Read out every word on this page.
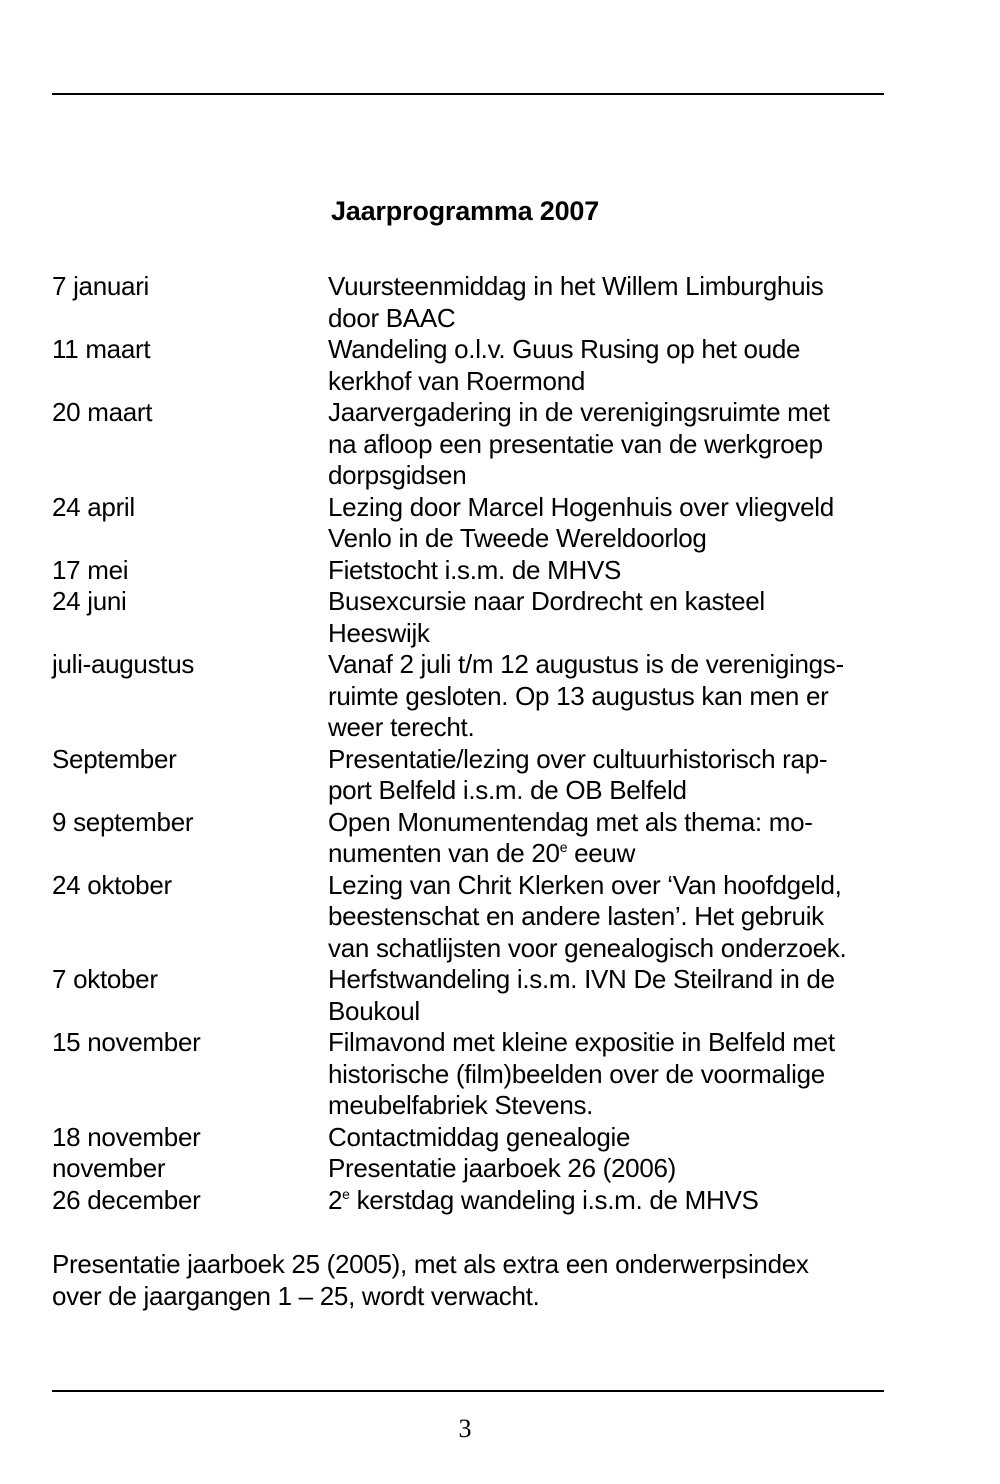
Jaarprogramma 2007
7 januari	Vuursteenmiddag in het Willem Limburghuis
door BAAC
11 maart	Wandeling o.l.v. Guus Rusing op het oude
kerkhof van Roermond
20 maart	Jaarvergadering in de verenigingsruimte met
na afloop een presentatie van de werkgroep
dorpsgidsen
24 april	Lezing door Marcel Hogenhuis over vliegveld
Venlo in de Tweede Wereldoorlog
17 mei	Fietstocht i.s.m. de MHVS
24 juni	Busexcursie naar Dordrecht en kasteel
Heeswijk
juli-augustus	Vanaf 2 juli t/m 12 augustus is de verenigings-
ruimte gesloten. Op 13 augustus kan men er
weer terecht.
September	Presentatie/lezing over cultuurhistorisch rap-
port Belfeld i.s.m. de OB Belfeld
9 september	Open Monumentendag met als thema: mo-
numenten van de 20e eeuw
24 oktober	Lezing van Chrit Klerken over ‘Van hoofdgeld,
beestenschat en andere lasten’. Het gebruik
van schatlijsten voor genealogisch onderzoek.
7 oktober	Herfstwandeling i.s.m. IVN De Steilrand in de
Boukoul
15 november	Filmavond met kleine expositie in Belfeld met
historische (film)beelden over de voormalige
meubelfabriek Stevens.
18 november	Contactmiddag genealogie
november	Presentatie jaarboek 26 (2006)
26 december	2e kerstdag wandeling i.s.m. de MHVS
Presentatie jaarboek 25 (2005), met als extra een onderwerpsindex
over de jaargangen 1 – 25, wordt verwacht.
3
